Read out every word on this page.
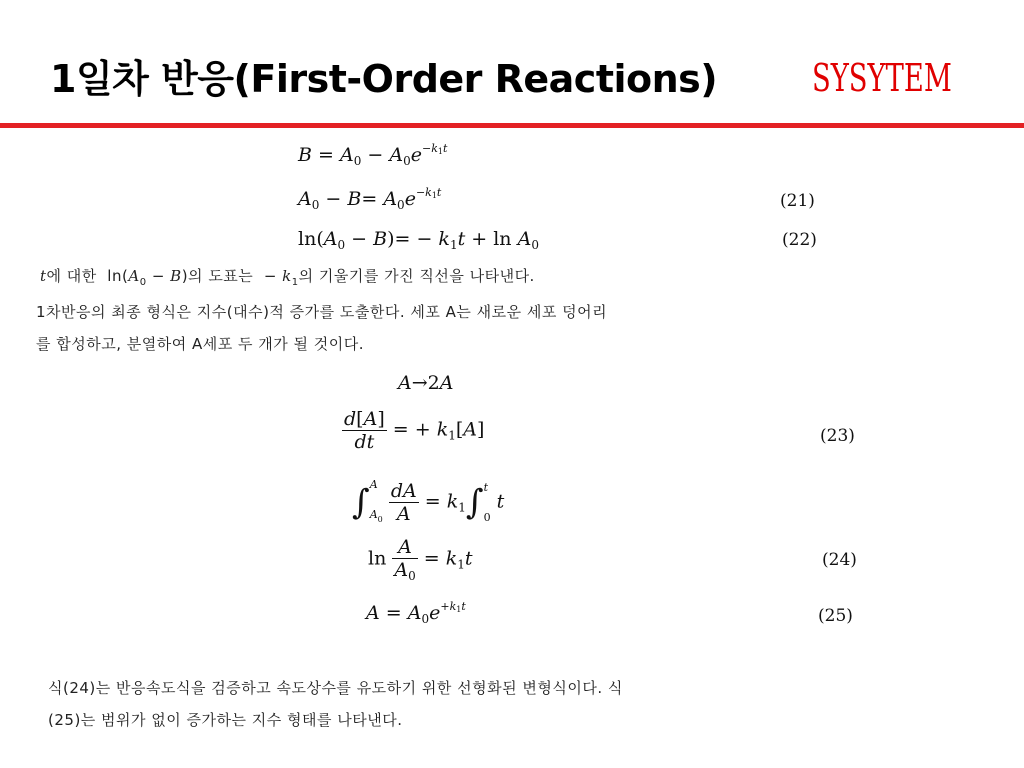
1일차 반응(First-Order Reactions) SYSYTEM
$B = A_0 - A_0e^{-k_1t}$
$A_0 - B= A_0e^{-k_1t}$	(21)
$\ln(A_0 - B)= - k_1t + \ln A_0$	(22)
t에 대한  $\ln(A_0 - B)$의 도표는  − $k_1$의 기울기를 가진 직선을 나타낸다.
1차반응의 최종 형식은 지수(대수)적 증가를 도출한다. 세포 A는 새로운 세포 덩어리
를 합성하고, 분열하여 A세포 두 개가 될 것이다.
A→2A
$\frac{d[A]}{dt}$ = + $k_1[A]$	(23)
∫A
$A_0 \frac{dA}{A} = k_1\int t$
0 t
$\ln \frac{A}{A_0} = k_1t$	(24)
$A = A_0e^{+k_1t}$	(25)
식(24)는 반응속도식을 검증하고 속도상수를 유도하기 위한 선형화된 변형식이다. 식
(25)는 범위가 없이 증가하는 지수 형태를 나타낸다.
